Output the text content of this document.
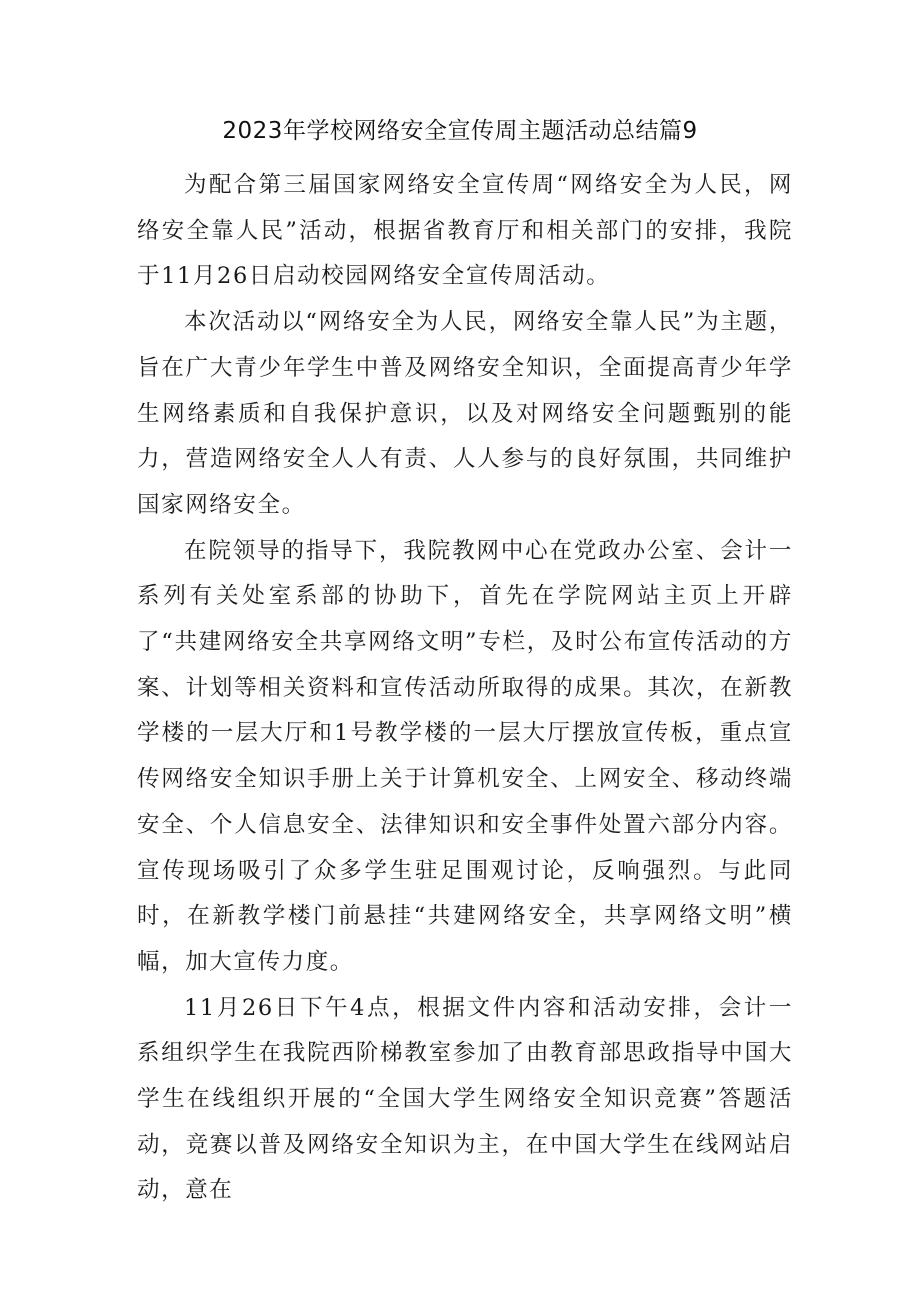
2023年学校网络安全宣传周主题活动总结篇9

为配合第三届国家网络安全宣传周“网络安全为人民，网络安全靠人民”活动，根据省教育厅和相关部门的安排，我院于11月26日启动校园网络安全宣传周活动。

本次活动以“网络安全为人民，网络安全靠人民”为主题，旨在广大青少年学生中普及网络安全知识，全面提高青少年学生网络素质和自我保护意识，以及对网络安全问题甄别的能力，营造网络安全人人有责、人人参与的良好氛围，共同维护国家网络安全。

在院领导的指导下，我院教网中心在党政办公室、会计一系列有关处室系部的协助下，首先在学院网站主页上开辟了“共建网络安全共享网络文明”专栏，及时公布宣传活动的方案、计划等相关资料和宣传活动所取得的成果。其次，在新教学楼的一层大厅和1号教学楼的一层大厅摆放宣传板，重点宣传网络安全知识手册上关于计算机安全、上网安全、移动终端安全、个人信息安全、法律知识和安全事件处置六部分内容。宣传现场吸引了众多学生驻足围观讨论，反响强烈。与此同时，在新教学楼门前悬挂“共建网络安全，共享网络文明”横幅，加大宣传力度。

11月26日下午4点，根据文件内容和活动安排，会计一系组织学生在我院西阶梯教室参加了由教育部思政指导中国大学生在线组织开展的“全国大学生网络安全知识竞赛”答题活动，竞赛以普及网络安全知识为主，在中国大学生在线网站启动，意在
